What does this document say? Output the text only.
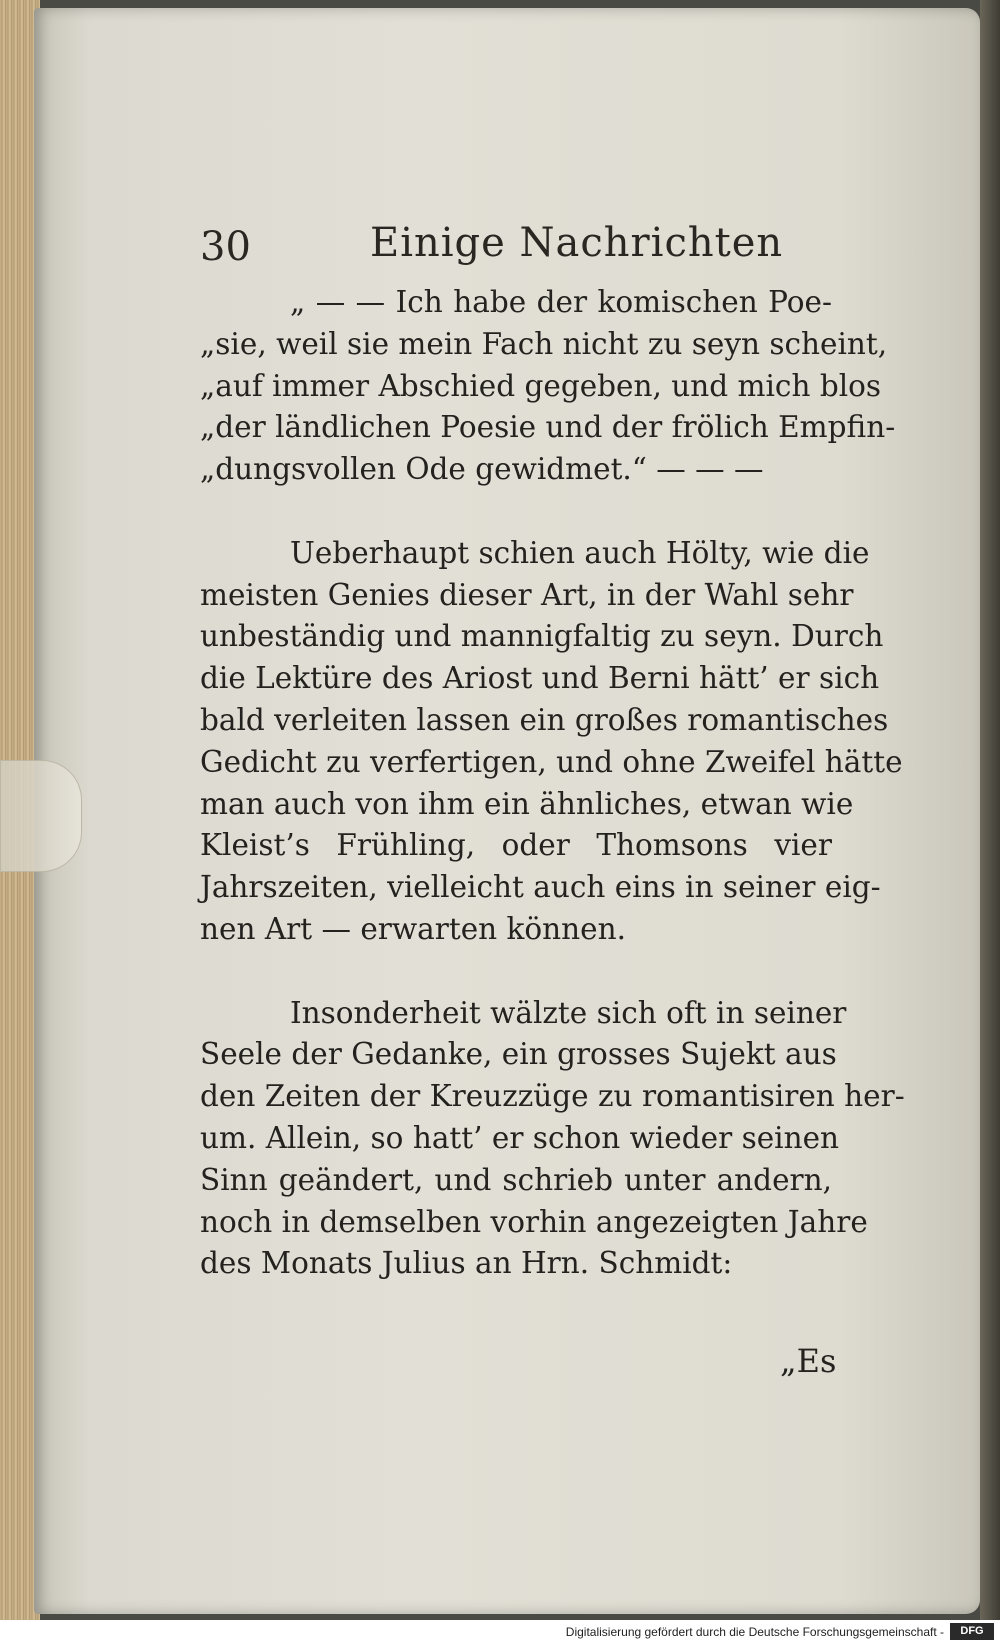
30	Einige Nachrichten
„ — — Ich habe der komischen Poe-
„sie, weil sie mein Fach nicht zu seyn scheint,
„auf immer Abschied gegeben, und mich blos
„der ländlichen Poesie und der frölich Empfin-
„dungsvollen Ode gewidmet.“ — — —
Ueberhaupt schien auch Hölty, wie die
meisten Genies dieser Art, in der Wahl sehr
unbeständig und mannigfaltig zu seyn. Durch
die Lektüre des Ariost und Berni hätt’ er sich
bald verleiten lassen ein großes romantisches
Gedicht zu verfertigen, und ohne Zweifel hätte
man auch von ihm ein ähnliches, etwan wie
Kleist’s Frühling, oder Thomsons vier
Jahrszeiten, vielleicht auch eins in seiner eig-
nen Art — erwarten können.
Insonderheit wälzte sich oft in seiner
Seele der Gedanke, ein grosses Sujekt aus
den Zeiten der Kreuzzüge zu romantisiren her-
um. Allein, so hatt’ er schon wieder seinen
Sinn geändert, und schrieb unter andern,
noch in demselben vorhin angezeigten Jahre
des Monats Julius an Hrn. Schmidt:
„Es
Digitalisierung gefördert durch die Deutsche Forschungsgemeinschaft -	DFG
